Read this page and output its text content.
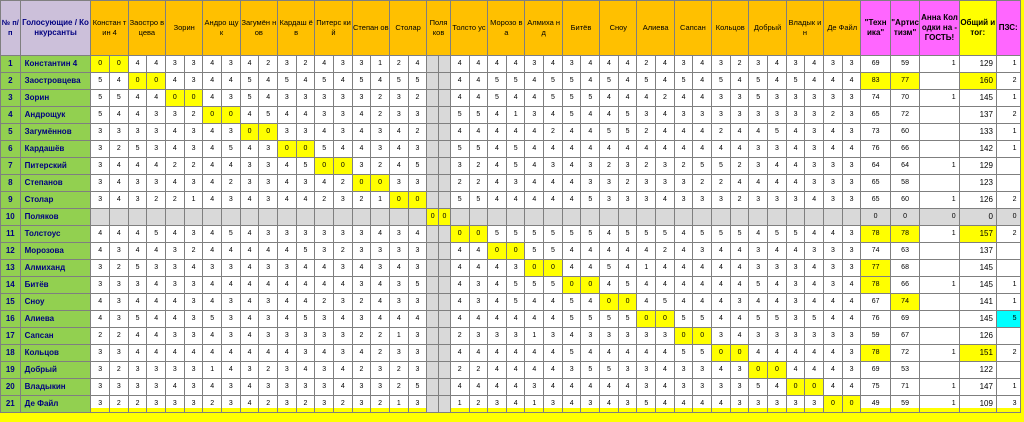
№ п/п	Голосующие / Конкурсанты	Констан тин 4		Заостро вцева		Зорин		Андро щук		Загумён нов		Кардаш ёв		Питерс кий		Степан ов		Столар		Поля ков		Толсто ус		Морозо ва		Алмиха нд		Битёв		Сноу		Алиева		Сапсан		Кольцов		Добрый		Владык ин		Де Файл		"Техн ика"	"Артис тизм"	Анна Колодки на - ГОСТЬ!	Общий итог:	ПЗС:
1	Константин 4	0	0	4	4	3	3	4	3	4	2	3	2	4	3	3	1	2	4			4	4	4	4	3	4	3	4	4	4	2	4	3	4	3	2	3	4	3	4	3	3	69	59	1	129	1
2	Заостровцева	5	4	0	0	4	3	4	4	5	4	5	4	5	4	5	4	5	5			4	4	5	5	4	5	5	4	5	4	5	4	5	4	5	4	5	4	5	4	4	4	83	77		160	2
3	Зорин	5	5	4	4	0	0	4	3	5	4	3	3	3	3	3	2	3	2			4	4	5	4	4	5	5	5	4	4	4	2	4	4	3	3	5	3	3	3	3	3	74	70	1	145	1
4	Андрощук	5	4	4	3	3	2	0	0	4	5	4	4	3	3	4	2	3	3			5	5	4	1	3	4	5	4	4	5	3	4	3	3	3	3	3	3	3	3	2	3	65	72		137	2
5	Загумённов	3	3	3	3	4	3	4	3	0	0	3	3	4	3	4	3	4	2			4	4	4	4	4	2	4	4	5	5	2	4	4	4	2	4	4	5	4	3	4	3	73	60		133	1
6	Кардашёв	3	2	5	3	4	3	4	5	4	3	0	0	5	4	4	3	4	3			5	5	4	5	4	4	4	4	4	4	4	4	4	4	4	4	3	3	4	3	4	4	76	66		142	1
7	Питерский	3	4	4	4	2	2	4	4	3	3	4	5	0	0	3	2	4	5			3	2	4	5	4	3	4	3	2	3	2	3	2	5	5	2	3	4	4	3	3	3	64	64	1	129	
8	Степанов	3	4	3	3	4	3	4	2	3	3	4	3	4	2	0	0	3	3			2	2	4	3	4	4	4	3	3	2	3	3	3	2	2	4	4	4	4	3	3	3	65	58		123	
9	Столар	3	4	3	2	2	1	4	3	4	3	4	4	2	3	2	1	0	0			5	5	4	4	4	4	4	5	3	3	3	4	3	3	3	2	3	3	3	4	3	3	65	60	1	126	2
10	Поляков																			0	0																							0	0	0	0	0
11	Толстоус	4	4	4	5	4	3	4	5	4	3	3	3	3	3	3	4	3	4			0	0	5	5	5	5	5	5	4	5	5	5	4	5	5	5	4	5	5	4	4	3	78	78	1	157	2
12	Морозова	4	3	4	4	3	2	4	4	4	4	4	5	3	2	3	3	3	3			4	4	0	0	5	5	4	4	4	4	4	2	4	3	4	4	3	4	4	3	3	3	74	63		137	
13	Алмиханд	3	2	5	3	3	4	3	3	4	3	3	4	4	3	4	3	4	3			4	4	4	3	0	0	4	4	5	4	1	4	4	4	4	4	3	3	3	4	3	3	77	68		145	
14	Битёв	3	3	3	4	3	3	4	4	4	4	4	4	4	4	3	4	3	5			4	3	4	5	5	5	0	0	4	5	4	4	4	4	4	4	5	4	3	4	3	4	78	66	1	145	1
15	Сноу	4	3	4	4	4	3	4	3	4	3	4	4	2	3	2	4	3	3			4	3	4	5	4	4	5	4	0	0	4	5	4	4	4	3	4	4	3	4	4	4	67	74		141	1
16	Алиева	4	3	5	4	4	3	5	3	4	3	4	5	3	4	3	4	4	4			4	4	4	4	4	4	5	5	5	5	0	0	5	5	4	4	5	5	3	5	4	4	76	69		145	5
17	Сапсан	2	2	4	4	3	3	4	3	4	3	3	3	3	3	2	2	1	3			2	3	3	3	1	3	4	3	3	3	3	3	0	0	3	4	3	3	3	3	3	3	59	67		126	
18	Кольцов	3	3	4	4	4	4	4	4	4	4	4	3	4	3	4	2	3	3			4	4	4	4	4	4	5	4	4	4	4	4	5	5	0	0	4	4	4	4	4	3	78	72	1	151	2
19	Добрый	3	2	3	3	3	3	1	4	3	2	3	4	3	4	2	3	2	3			2	2	4	4	4	4	3	5	5	3	3	4	3	3	4	3	0	0	4	4	4	3	69	53		122	
20	Владыкин	3	3	3	3	4	3	4	3	4	3	3	3	3	4	3	3	2	5			4	4	4	4	3	4	4	4	4	4	3	4	3	3	3	3	5	4	0	0	4	4	75	71	1	147	1
21	Де Файл	3	2	2	3	3	3	2	3	4	2	3	2	3	2	3	2	1	3			1	2	3	4	1	3	4	3	4	3	5	4	4	4	4	3	3	3	3	3	0	0	49	59	1	109	3
